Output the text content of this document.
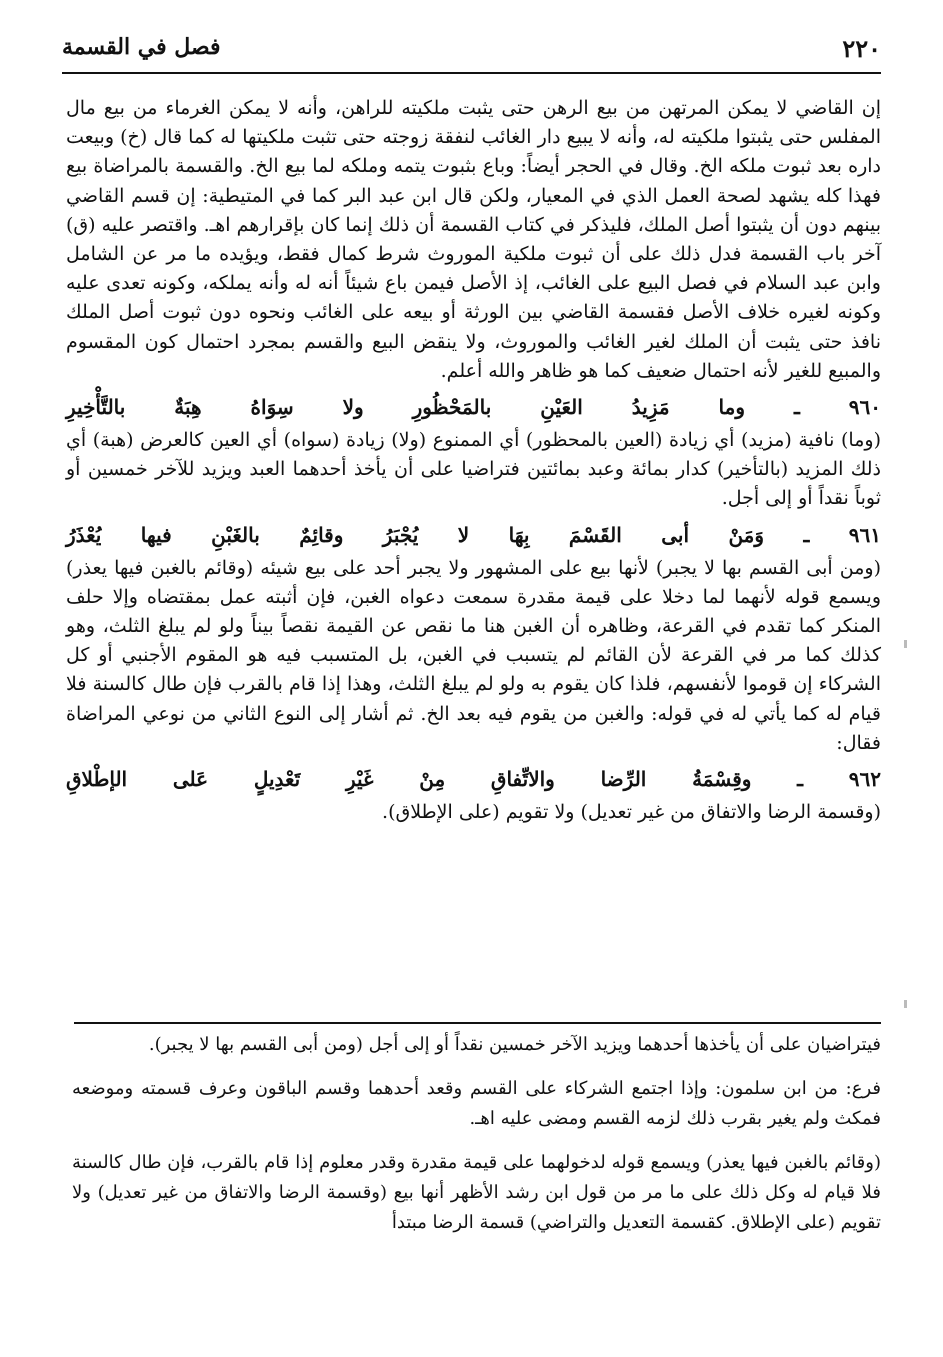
٢٢٠
فصل في القسمة

إن القاضي لا يمكن المرتهن من بيع الرهن حتى يثبت ملكيته للراهن، وأنه لا يمكن الغرماء من بيع مال المفلس حتى يثبتوا ملكيته له، وأنه لا يبيع دار الغائب لنفقة زوجته حتى تثبت ملكيتها له كما قال (خ) وبيعت داره بعد ثبوت ملكه الخ. وقال في الحجر أيضاً: وباع بثبوت يتمه وملكه لما بيع الخ. والقسمة بالمراضاة بيع فهذا كله يشهد لصحة العمل الذي في المعيار، ولكن قال ابن عبد البر كما في المتيطية: إن قسم القاضي بينهم دون أن يثبتوا أصل الملك، فليذكر في كتاب القسمة أن ذلك إنما كان بإقرارهم اهـ. واقتصر عليه (ق) آخر باب القسمة فدل ذلك على أن ثبوت ملكية الموروث شرط كمال فقط، ويؤيده ما مر عن الشامل وابن عبد السلام في فصل البيع على الغائب، إذ الأصل فيمن باع شيئاً أنه له وأنه يملكه، وكونه تعدى عليه وكونه لغيره خلاف الأصل فقسمة القاضي بين الورثة أو بيعه على الغائب ونحوه دون ثبوت أصل الملك نافذ حتى يثبت أن الملك لغير الغائب والموروث، ولا ينقض البيع والقسم بمجرد احتمال كون المقسوم والمبيع للغير لأنه احتمال ضعيف كما هو ظاهر والله أعلم.

٩٦٠ ـ وما مَزِيدُ العَيْنِ بالمَحْظُورِ ولا سِوَاهُ هِبَةٌ بالتَّأْخِيرِ

(وما) نافية (مزيد) أي زيادة (العين بالمحظور) أي الممنوع (ولا) زيادة (سواه) أي العين كالعرض (هبة) أي ذلك المزيد (بالتأخير) كدار بمائة وعبد بمائتين فتراضيا على أن يأخذ أحدهما العبد ويزيد للآخر خمسين أو ثوباً نقداً أو إلى أجل.

٩٦١ ـ وَمَنْ أبى القَسْمَ بِهَا لا يُجْبَرُ وقائِمٌ بالغَبْنِ فيها يُعْذَرُ

(ومن أبى القسم بها لا يجبر) لأنها بيع على المشهور ولا يجبر أحد على بيع شيئه (وقائم بالغبن فيها يعذر) ويسمع قوله لأنهما لما دخلا على قيمة مقدرة سمعت دعواه الغبن، فإن أثبته عمل بمقتضاه وإلا حلف المنكر كما تقدم في القرعة، وظاهره أن الغبن هنا ما نقص عن القيمة نقصاً بيناً ولو لم يبلغ الثلث، وهو كذلك كما مر في القرعة لأن القائم لم يتسبب في الغبن، بل المتسبب فيه هو المقوم الأجنبي أو كل الشركاء إن قوموا لأنفسهم، فلذا كان يقوم به ولو لم يبلغ الثلث، وهذا إذا قام بالقرب فإن طال كالسنة فلا قيام له كما يأتي له في قوله: والغبن من يقوم فيه بعد الخ. ثم أشار إلى النوع الثاني من نوعي المراضاة فقال:

٩٦٢ ـ وقِسْمَةُ الرِّضا والاتِّفاقِ مِنْ غَيْرِ تَعْدِيلٍ عَلى الإطْلاقِ

(وقسمة الرضا والاتفاق من غير تعديل) ولا تقويم (على الإطلاق).

فيتراضيان على أن يأخذها أحدهما ويزيد الآخر خمسين نقداً أو إلى أجل (ومن أبى القسم بها لا يجبر).

فرع: من ابن سلمون: وإذا اجتمع الشركاء على القسم وقعد أحدهما وقسم الباقون وعرف قسمته وموضعه فمكث ولم يغير بقرب ذلك لزمه القسم ومضى عليه اهـ.

(وقائم بالغبن فيها يعذر) ويسمع قوله لدخولهما على قيمة مقدرة وقدر معلوم إذا قام بالقرب، فإن طال كالسنة فلا قيام له وكل ذلك على ما مر من قول ابن رشد الأظهر أنها بيع (وقسمة الرضا والاتفاق من غير تعديل) ولا تقويم (على الإطلاق. كقسمة التعديل والتراضي) قسمة الرضا مبتدأ
